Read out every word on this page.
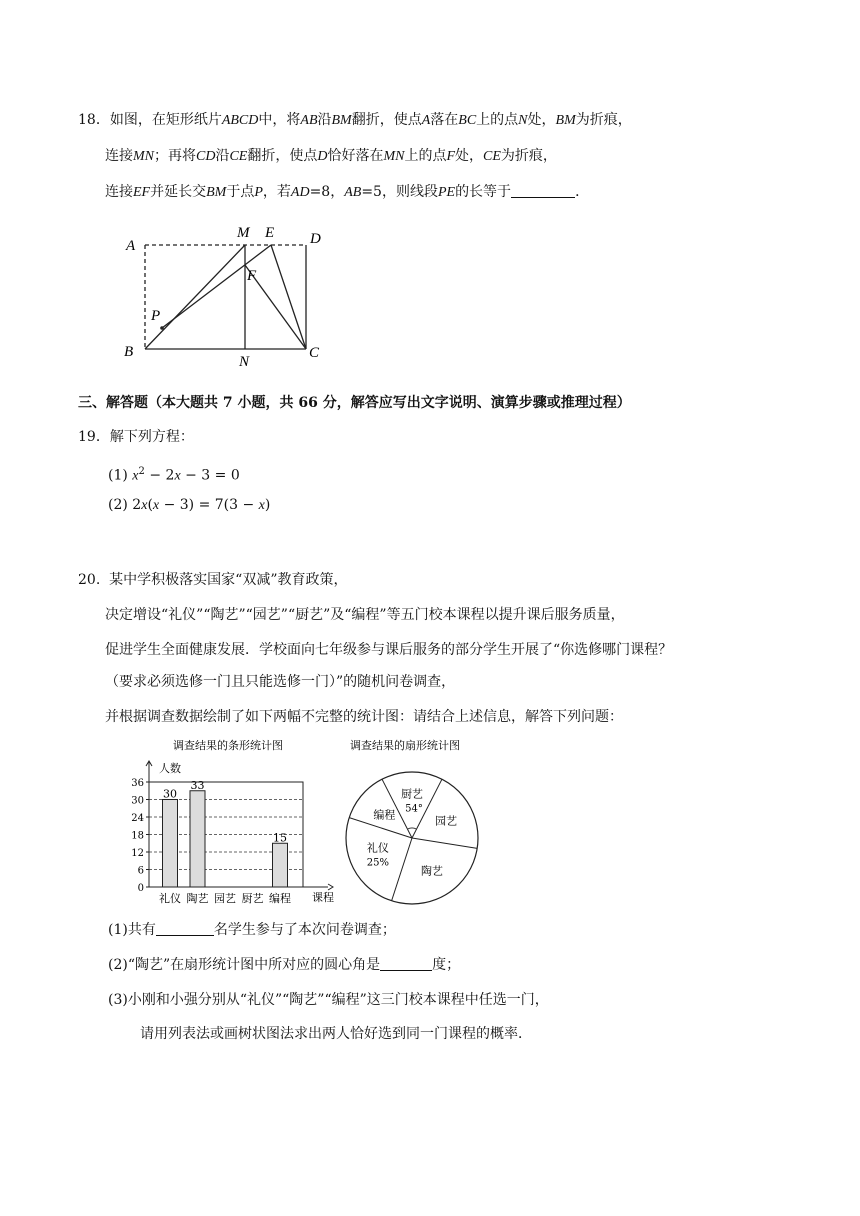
18．如图，在矩形纸片ABCD中，将AB沿BM翻折，使点A落在BC上的点N处，BM为折痕，
连接MN；再将CD沿CE翻折，使点D恰好落在MN上的点F处，CE为折痕，
连接EF并延长交BM于点P，若AD=8，AB=5，则线段PE的长等于	．
A
M E D
F
P
B
N
C
三、解答题（本大题共 7 小题，共 66 分，解答应写出文字说明、演算步骤或推理过程）
19．解下列方程：
(1) $x^2 - 2x - 3 = 0$
(2) 2x(x − 3) = 7(3 − x)
20. 某中学积极落实国家“双减”教育政策，
决定增设“礼仪”“陶艺”“园艺”“厨艺”及“编程”等五门校本课程以提升课后服务质量，
促进学生全面健康发展．学校面向七年级参与课后服务的部分学生开展了“你选修哪门课程？
（要求必须选修一门且只能选修一门）”的随机问卷调查，
并根据调查数据绘制了如下两幅不完整的统计图：请结合上述信息，解答下列问题：
调查结果的条形统计图
人数
课程
0
6
12
18
24
30
36
30
礼仪
33
陶艺 园艺 厨艺
15
编程
调查结果的扇形统计图
厨艺
54°
园艺
陶艺
礼仪
25%
编程
(1)共有	名学生参与了本次问卷调查；
(2)“陶艺”在扇形统计图中所对应的圆心角是	度；
(3)小刚和小强分别从“礼仪”“陶艺”“编程”这三门校本课程中任选一门，
请用列表法或画树状图法求出两人恰好选到同一门课程的概率．
